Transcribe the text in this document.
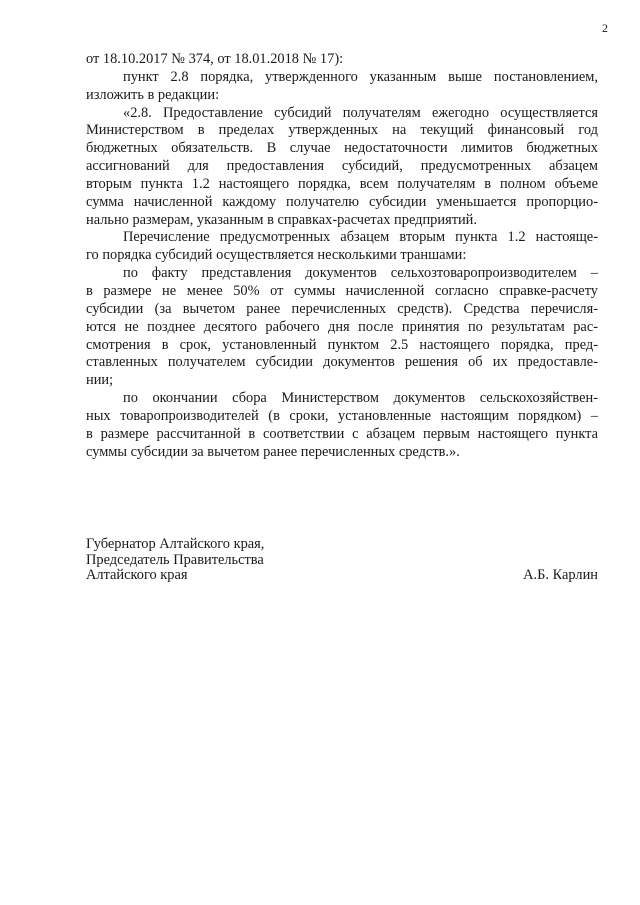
2
от 18.10.2017 № 374, от 18.01.2018 № 17):
пункт 2.8 порядка, утвержденного указанным выше постановлением,
изложить в редакции:
«2.8. Предоставление субсидий получателям ежегодно осуществляется
Министерством в пределах утвержденных на текущий финансовый год
бюджетных обязательств. В случае недостаточности лимитов бюджетных
ассигнований для предоставления субсидий, предусмотренных абзацем
вторым пункта 1.2 настоящего порядка, всем получателям в полном объеме
сумма начисленной каждому получателю субсидии уменьшается пропорцио-
нально размерам, указанным в справках-расчетах предприятий.
Перечисление предусмотренных абзацем вторым пункта 1.2 настояще-
го порядка субсидий осуществляется несколькими траншами:
по факту представления документов сельхозтоваропроизводителем –
в размере не менее 50% от суммы начисленной согласно справке-расчету
субсидии (за вычетом ранее перечисленных средств). Средства перечисля-
ются не позднее десятого рабочего дня после принятия по результатам рас-
смотрения в срок, установленный пунктом 2.5 настоящего порядка, пред-
ставленных получателем субсидии документов решения об их предоставле-
нии;
по окончании сбора Министерством документов сельскохозяйствен-
ных товаропроизводителей (в сроки, установленные настоящим порядком) –
в размере рассчитанной в соответствии с абзацем первым настоящего пункта
суммы субсидии за вычетом ранее перечисленных средств.».
Губернатор Алтайского края,
Председатель Правительства
Алтайского края	А.Б. Карлин
